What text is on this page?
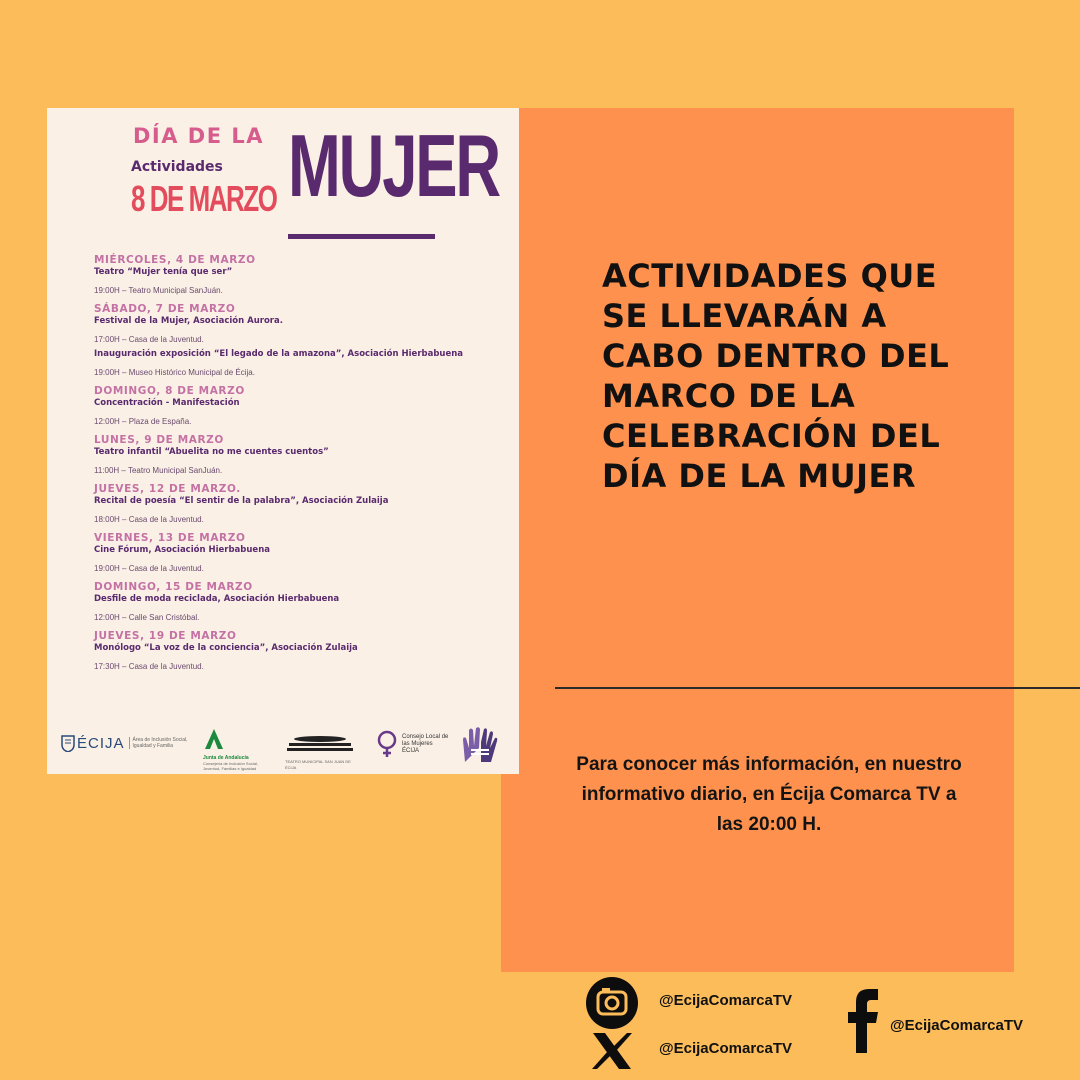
DÍA DE LA
Actividades
8 DE MARZO MUJER
MIÉRCOLES, 4 DE MARZO
Teatro “Mujer tenía que ser”
19:00H – Teatro Municipal SanJuán.
SÁBADO, 7 DE MARZO
Festival de la Mujer, Asociación Aurora.
17:00H – Casa de la Juventud.
Inauguración exposición “El legado de la amazona”, Asociación Hierbabuena
19:00H – Museo Histórico Municipal de Écija.
DOMINGO, 8 DE MARZO
Concentración - Manifestación
12:00H – Plaza de España.
LUNES, 9 DE MARZO
Teatro infantil “Abuelita no me cuentes cuentos”
11:00H – Teatro Municipal SanJuán.
JUEVES, 12 DE MARZO.
Recital de poesía “El sentir de la palabra”, Asociación Zulaija
18:00H – Casa de la Juventud.
VIERNES, 13 DE MARZO
Cine Fórum, Asociación Hierbabuena
19:00H – Casa de la Juventud.
DOMINGO, 15 DE MARZO
Desfile de moda reciclada, Asociación Hierbabuena
12:00H – Calle San Cristóbal.
JUEVES, 19 DE MARZO
Monólogo “La voz de la conciencia”, Asociación Zulaija
17:30H – Casa de la Juventud.
ÉCIJA	Área de Inclusión Social, Igualdad y Familia
Junta de Andalucía
Consejería de Inclusión Social, Juventud, Familias e Igualdad
TEATRO MUNICIPAL SAN JUAN DE ÉCIJA
Consejo Local de las Mujeres ÉCIJA
ACTIVIDADES QUE
SE LLEVARÁN A
CABO DENTRO DEL
MARCO DE LA
CELEBRACIÓN DEL
DÍA DE LA MUJER
Para conocer más información, en nuestro informativo diario, en Écija Comarca TV a las 20:00 H.
@EcijaComarcaTV
@EcijaComarcaTV
@EcijaComarcaTV
